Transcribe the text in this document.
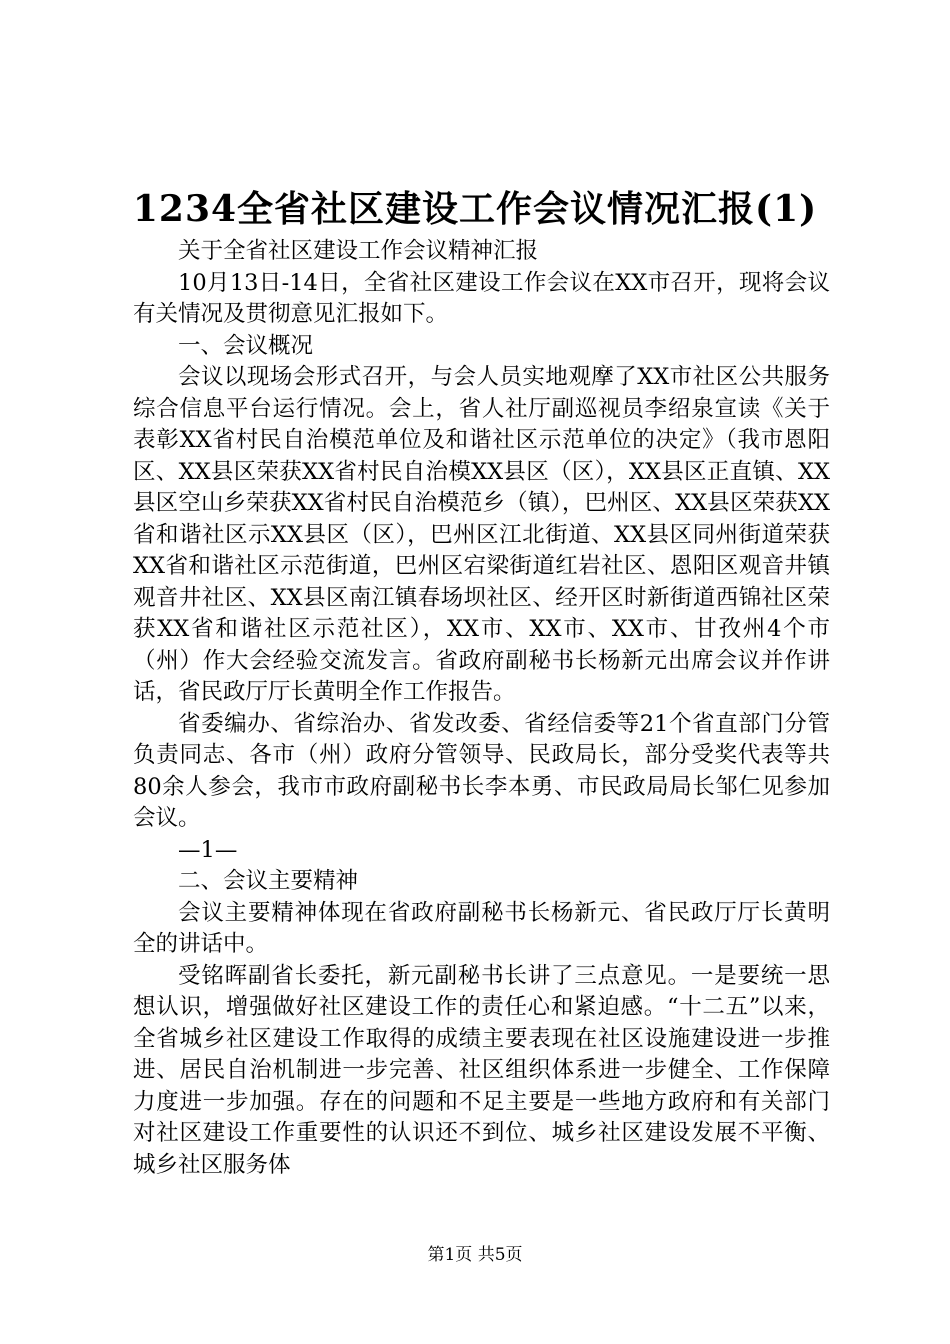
1234全省社区建设工作会议情况汇报(1)

关于全省社区建设工作会议精神汇报

10月13日-14日，全省社区建设工作会议在XX市召开，现将会议有关情况及贯彻意见汇报如下。

一、会议概况

会议以现场会形式召开，与会人员实地观摩了XX市社区公共服务综合信息平台运行情况。会上，省人社厅副巡视员李绍泉宣读《关于表彰XX省村民自治模范单位及和谐社区示范单位的决定》（我市恩阳区、XX县区荣获XX省村民自治模XX县区（区），XX县区正直镇、XX县区空山乡荣获XX省村民自治模范乡（镇），巴州区、XX县区荣获XX省和谐社区示XX县区（区），巴州区江北街道、XX县区同州街道荣获XX省和谐社区示范街道，巴州区宕梁街道红岩社区、恩阳区观音井镇观音井社区、XX县区南江镇春场坝社区、经开区时新街道西锦社区荣获XX省和谐社区示范社区），XX市、XX市、XX市、甘孜州4个市（州）作大会经验交流发言。省政府副秘书长杨新元出席会议并作讲话，省民政厅厅长黄明全作工作报告。

省委编办、省综治办、省发改委、省经信委等21个省直部门分管负责同志、各市（州）政府分管领导、民政局长，部分受奖代表等共80余人参会，我市市政府副秘书长李本勇、市民政局局长邹仁见参加会议。

—1—

二、会议主要精神

会议主要精神体现在省政府副秘书长杨新元、省民政厅厅长黄明全的讲话中。

受铭晖副省长委托，新元副秘书长讲了三点意见。一是要统一思想认识，增强做好社区建设工作的责任心和紧迫感。“十二五”以来，全省城乡社区建设工作取得的成绩主要表现在社区设施建设进一步推进、居民自治机制进一步完善、社区组织体系进一步健全、工作保障力度进一步加强。存在的问题和不足主要是一些地方政府和有关部门对社区建设工作重要性的认识还不到位、城乡社区建设发展不平衡、城乡社区服务体

第1页 共5页
